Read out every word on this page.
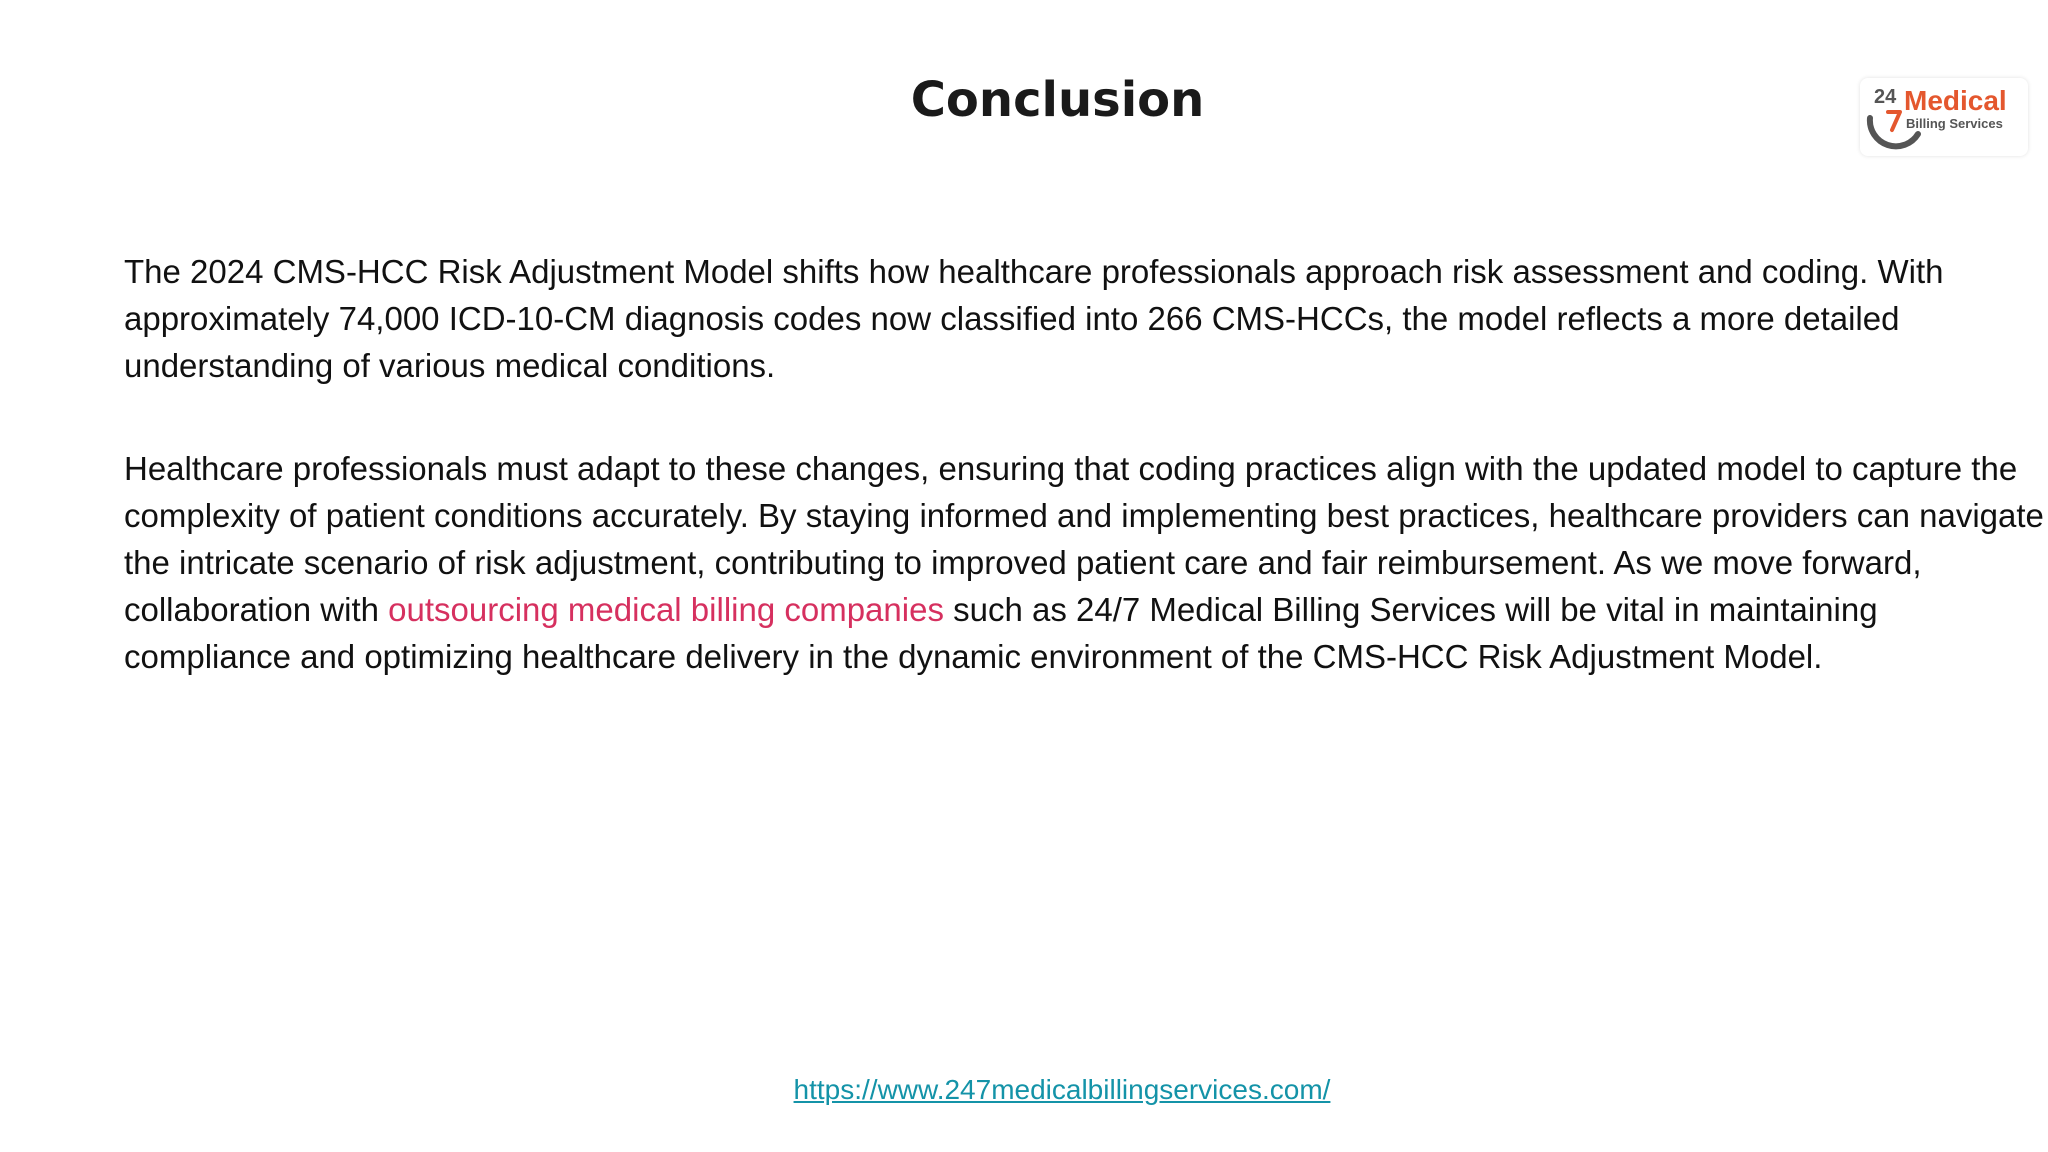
Conclusion	24 Medical
Billing Services

The 2024 CMS-HCC Risk Adjustment Model shifts how healthcare professionals approach risk assessment and coding. With approximately 74,000 ICD-10-CM diagnosis codes now classified into 266 CMS-HCCs, the model reflects a more detailed understanding of various medical conditions.

Healthcare professionals must adapt to these changes, ensuring that coding practices align with the updated model to capture the complexity of patient conditions accurately. By staying informed and implementing best practices, healthcare providers can navigate the intricate scenario of risk adjustment, contributing to improved patient care and fair reimbursement. As we move forward, collaboration with outsourcing medical billing companies such as 24/7 Medical Billing Services will be vital in maintaining compliance and optimizing healthcare delivery in the dynamic environment of the CMS-HCC Risk Adjustment Model.

https://www.247medicalbillingservices.com/
